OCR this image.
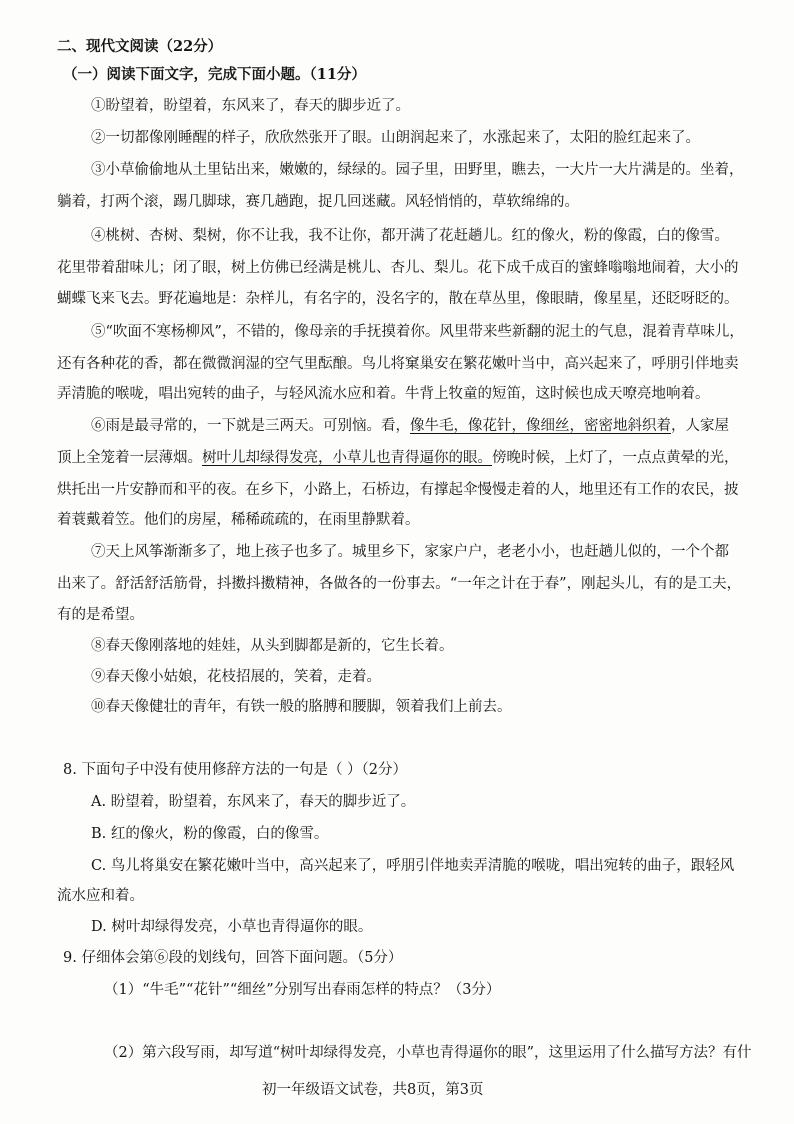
二、现代文阅读（22分）
（一）阅读下面文字，完成下面小题。（11分）
①盼望着，盼望着，东风来了，春天的脚步近了。
②一切都像刚睡醒的样子，欣欣然张开了眼。山朗润起来了，水涨起来了，太阳的脸红起来了。
③小草偷偷地从土里钻出来，嫩嫩的，绿绿的。园子里，田野里，瞧去，一大片一大片满是的。坐着，
躺着，打两个滚，踢几脚球，赛几趟跑，捉几回迷藏。风轻悄悄的，草软绵绵的。
④桃树、杏树、梨树，你不让我，我不让你，都开满了花赶趟儿。红的像火，粉的像霞，白的像雪。
花里带着甜味儿；闭了眼，树上仿佛已经满是桃儿、杏儿、梨儿。花下成千成百的蜜蜂嗡嗡地闹着，大小的
蝴蝶飞来飞去。野花遍地是：杂样儿，有名字的，没名字的，散在草丛里，像眼睛，像星星，还眨呀眨的。
⑤“吹面不寒杨柳风”，不错的，像母亲的手抚摸着你。风里带来些新翻的泥土的气息，混着青草味儿，
还有各种花的香，都在微微润湿的空气里酝酿。鸟儿将窠巢安在繁花嫩叶当中，高兴起来了，呼朋引伴地卖
弄清脆的喉咙，唱出宛转的曲子，与轻风流水应和着。牛背上牧童的短笛，这时候也成天嘹亮地响着。
⑥雨是最寻常的，一下就是三两天。可别恼。看，像牛毛，像花针，像细丝，密密地斜织着，人家屋
顶上全笼着一层薄烟。树叶儿却绿得发亮，小草儿也青得逼你的眼。傍晚时候，上灯了，一点点黄晕的光，
烘托出一片安静而和平的夜。在乡下，小路上，石桥边，有撑起伞慢慢走着的人，地里还有工作的农民，披
着蓑戴着笠。他们的房屋，稀稀疏疏的，在雨里静默着。
⑦天上风筝渐渐多了，地上孩子也多了。城里乡下，家家户户，老老小小，也赶趟儿似的，一个个都
出来了。舒活舒活筋骨，抖擞抖擞精神，各做各的一份事去。“一年之计在于春”，刚起头儿，有的是工夫，
有的是希望。
⑧春天像刚落地的娃娃，从头到脚都是新的，它生长着。
⑨春天像小姑娘，花枝招展的，笑着，走着。
⑩春天像健壮的青年，有铁一般的胳膊和腰脚，领着我们上前去。
8. 下面句子中没有使用修辞方法的一句是（ ）（2分）
A. 盼望着，盼望着，东风来了，春天的脚步近了。
B. 红的像火，粉的像霞，白的像雪。
C. 鸟儿将巢安在繁花嫩叶当中，高兴起来了，呼朋引伴地卖弄清脆的喉咙，唱出宛转的曲子，跟轻风
流水应和着。
D. 树叶却绿得发亮，小草也青得逼你的眼。
9. 仔细体会第⑥段的划线句，回答下面问题。（5分）
（1）“牛毛”“花针”“细丝”分别写出春雨怎样的特点？（3分）
（2）第六段写雨，却写道“树叶却绿得发亮，小草也青得逼你的眼”，这里运用了什么描写方法？有什
初一年级语文试卷，共8页，第3页
